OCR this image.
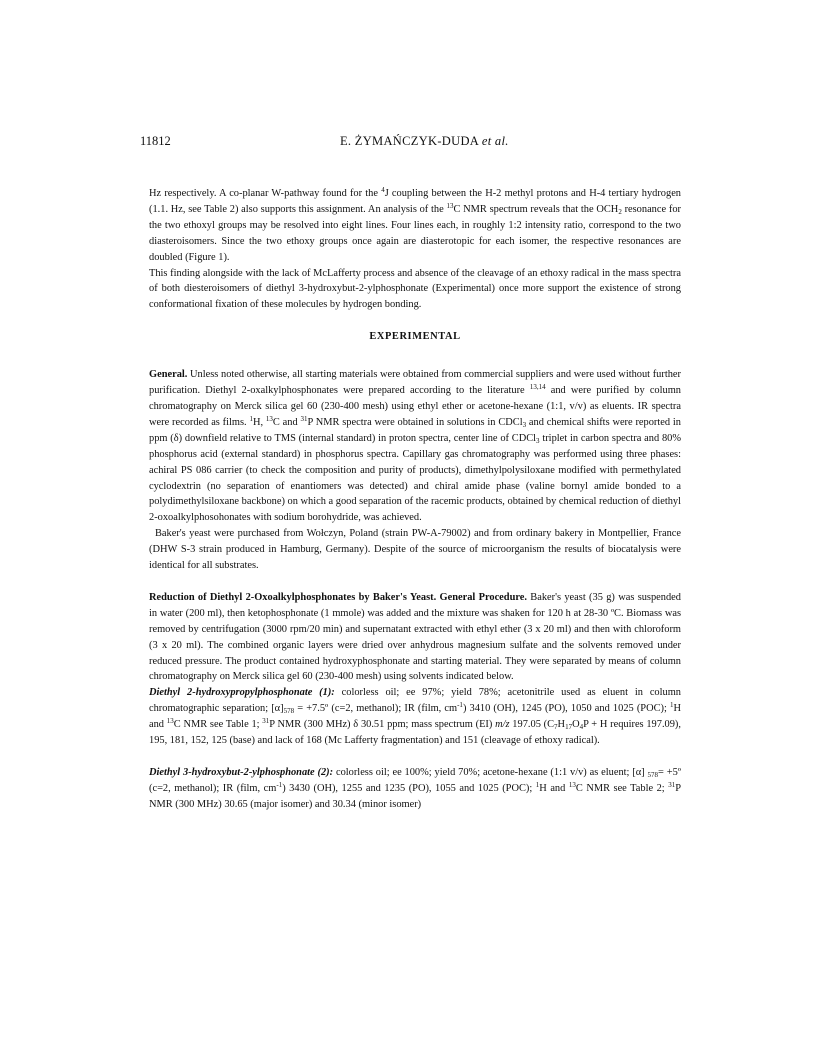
11812	E. ŻYMAŃCZYK-DUDA et al.

Hz respectively. A co-planar W-pathway found for the $^4$J coupling between the H-2 methyl protons and H-4 tertiary hydrogen (1.1. Hz, see Table 2) also supports this assignment. An analysis of the $^{13}$C NMR spectrum reveals that the $OCH_2$ resonance for the two ethoxyl groups may be resolved into eight lines. Four lines each, in roughly 1:2 intensity ratio, correspond to the two diasteroisomers. Since the two ethoxy groups once again are diasterotopic for each isomer, the respective resonances are doubled (Figure 1).

This finding alongside with the lack of McLafferty process and absence of the cleavage of an ethoxy radical in the mass spectra of both diesteroisomers of diethyl 3-hydroxybut-2-ylphosphonate (Experimental) once more support the existence of strong conformational fixation of these molecules by hydrogen bonding.

EXPERIMENTAL

General. Unless noted otherwise, all starting materials were obtained from commercial suppliers and were used without further purification. Diethyl 2-oxalkylphosphonates were prepared according to the literature $^{13,14}$ and were purified by column chromatography on Merck silica gel 60 (230-400 mesh) using ethyl ether or acetone-hexane (1:1, v/v) as eluents. IR spectra were recorded as films. $^1$H, $^{13}$C and $^{31}$P NMR spectra were obtained in solutions in CDCl$_3$ and chemical shifts were reported in ppm (δ) downfield relative to TMS (internal standard) in proton spectra, center line of CDCl$_3$ triplet in carbon spectra and 80% phosphorus acid (external standard) in phosphorus spectra. Capillary gas chromatography was performed using three phases: achiral PS 086 carrier (to check the composition and purity of products), dimethylpolysiloxane modified with permethylated cyclodextrin (no separation of enantiomers was detected) and chiral amide phase (valine bornyl amide bonded to a polydimethylsiloxane backbone) on which a good separation of the racemic products, obtained by chemical reduction of diethyl 2-oxoalkylphosohonates with sodium borohydride, was achieved.

Baker's yeast were purchased from Wołczyn, Poland (strain PW-A-79002) and from ordinary bakery in Montpellier, France (DHW S-3 strain produced in Hamburg, Germany). Despite of the source of microorganism the results of biocatalysis were identical for all substrates.

Reduction of Diethyl 2-Oxoalkylphosphonates by Baker's Yeast. General Procedure. Baker's yeast (35 g) was suspended in water (200 ml), then ketophosphonate (1 mmole) was added and the mixture was shaken for 120 h at 28-30 ºC. Biomass was removed by centrifugation (3000 rpm/20 min) and supernatant extracted with ethyl ether (3 x 20 ml) and then with chloroform (3 x 20 ml). The combined organic layers were dried over anhydrous magnesium sulfate and the solvents removed under reduced pressure. The product contained hydroxyphosphonate and starting material. They were separated by means of column chromatography on Merck silica gel 60 (230-400 mesh) using solvents indicated below.

Diethyl 2-hydroxypropylphosphonate (1): colorless oil; ee 97%; yield 78%; acetonitrile used as eluent in column chromatographic separation; $[\alpha]_{578}$ = +7.5º (c=2, methanol); IR (film, $cm^{-1}$) 3410 (OH), 1245 (PO), 1050 and 1025 (POC); $^1$H and $^{13}$C NMR see Table 1; $^{31}$P NMR (300 MHz) δ 30.51 ppm; mass spectrum (EI) m/z 197.05 ($C_7H_{17}O_4P + H$ requires 197.09), 195, 181, 152, 125 (base) and lack of 168 (Mc Lafferty fragmentation) and 151 (cleavage of ethoxy radical).

Diethyl 3-hydroxybut-2-ylphosphonate (2): colorless oil; ee 100%; yield 70%; acetone-hexane (1:1 v/v) as eluent; [α] $_{578}$= +5º (c=2, methanol); IR (film, $cm^{-1}$) 3430 (OH), 1255 and 1235 (PO), 1055 and 1025 (POC); $^1$H and $^{13}$C NMR see Table 2; $^{31}$P NMR (300 MHz) 30.65 (major isomer) and 30.34 (minor isomer)
